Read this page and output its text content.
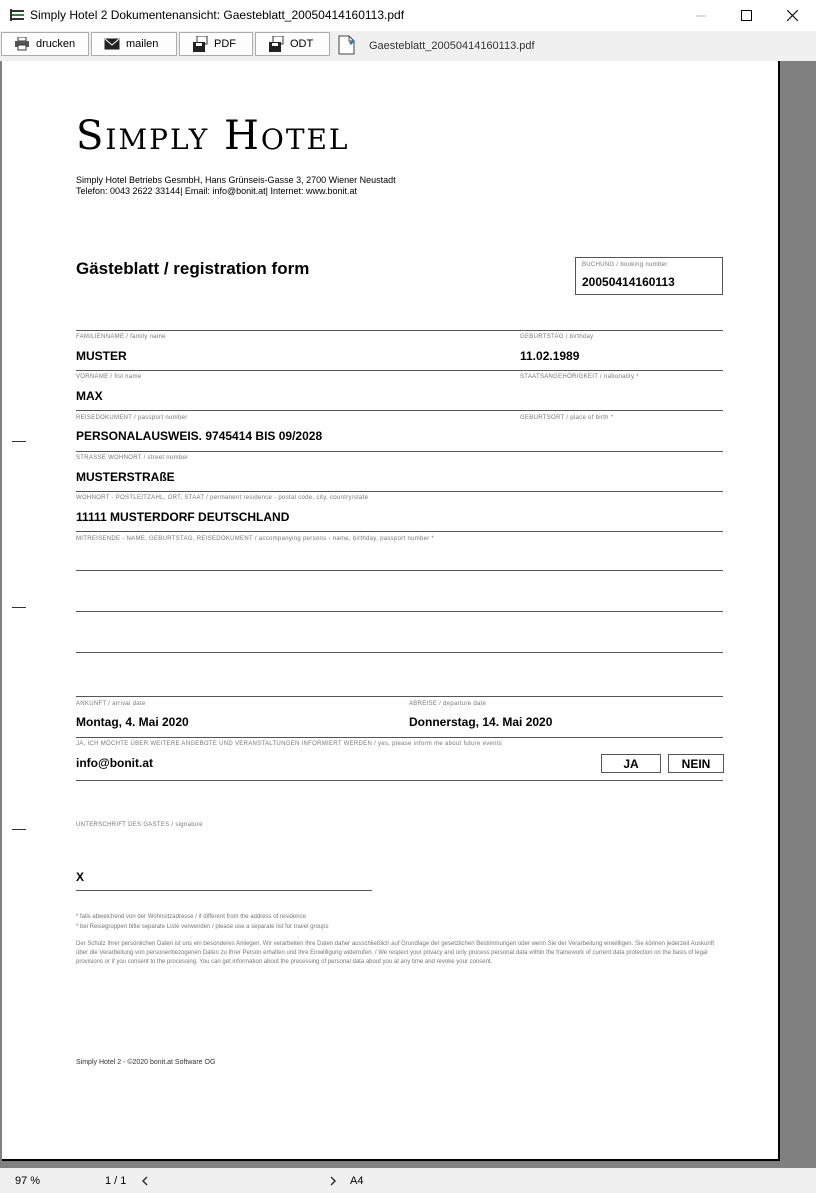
Simply Hotel 2 Dokumentenansicht: Gaesteblatt_20050414160113.pdf
drucken	mailen	PDF	ODT	Gaesteblatt_20050414160113.pdf
Simply Hotel
Simply Hotel Betriebs GesmbH, Hans Grünseis-Gasse 3, 2700 Wiener Neustadt
Telefon: 0043 2622 33144| Email: info@bonit.at| Internet: www.bonit.at
Gästeblatt / registration form	BUCHUNG / booking number
20050414160113
FAMILIENNAME / family name
MUSTER
GEBURTSTAG / birthday
11.02.1989
VORNAME / fist name
MAX
STAATSANGEHÖRIGKEIT / nationality *
REISEDOKUMENT / passport number
PERSONALAUSWEIS. 9745414 BIS 09/2028
GEBURTSORT / place of birth *
STRASSE WOHNORT / street number
MUSTERSTRAßE
WOHNORT - POSTLEITZAHL, ORT, STAAT / permanent residence - postal code, city, country/state
11111 MUSTERDORF DEUTSCHLAND
MITREISENDE - NAME, GEBURTSTAG, REISEDOKUMENT / accompanying persons - name, birthday, passport number *
ANKUNFT / arrival date
Montag, 4. Mai 2020
ABREISE / departure date
Donnerstag, 14. Mai 2020
JA, ICH MÖCHTE ÜBER WEITERE ANGEBOTE UND VERANSTALTUNGEN INFORMIERT WERDEN / yes, please inform me about future events
info@bonit.at	JA	NEIN
UNTERSCHRIFT DES GASTES / signature
X
* falls abweichend von der Wohnsitzadresse / if different from the address of residence
* bei Reisegruppen bitte separate Liste verwenden / please use a separate list for travel groups
Der Schutz Ihrer persönlichen Daten ist uns ein besonderes Anliegen. Wir verarbeiten Ihre Daten daher ausschließlich auf Grundlage der gesetzlichen Bestimmungen oder wenn Sie der Verarbeitung einwilligen. Sie können jederzeit Auskunft über die Verarbeitung von personenbezogenen Daten zu Ihrer Person erhalten und Ihre Einwilligung widerrufen. / We respect your privacy and only process personal data within the framework of current data protection on the basis of legal provisions or if you consent to the processing. You can get information about the processing of personal data about you at any time and revoke your consent.
Simply Hotel 2 - ©2020 bonit.at Software OG
97 %	1 / 1	A4
